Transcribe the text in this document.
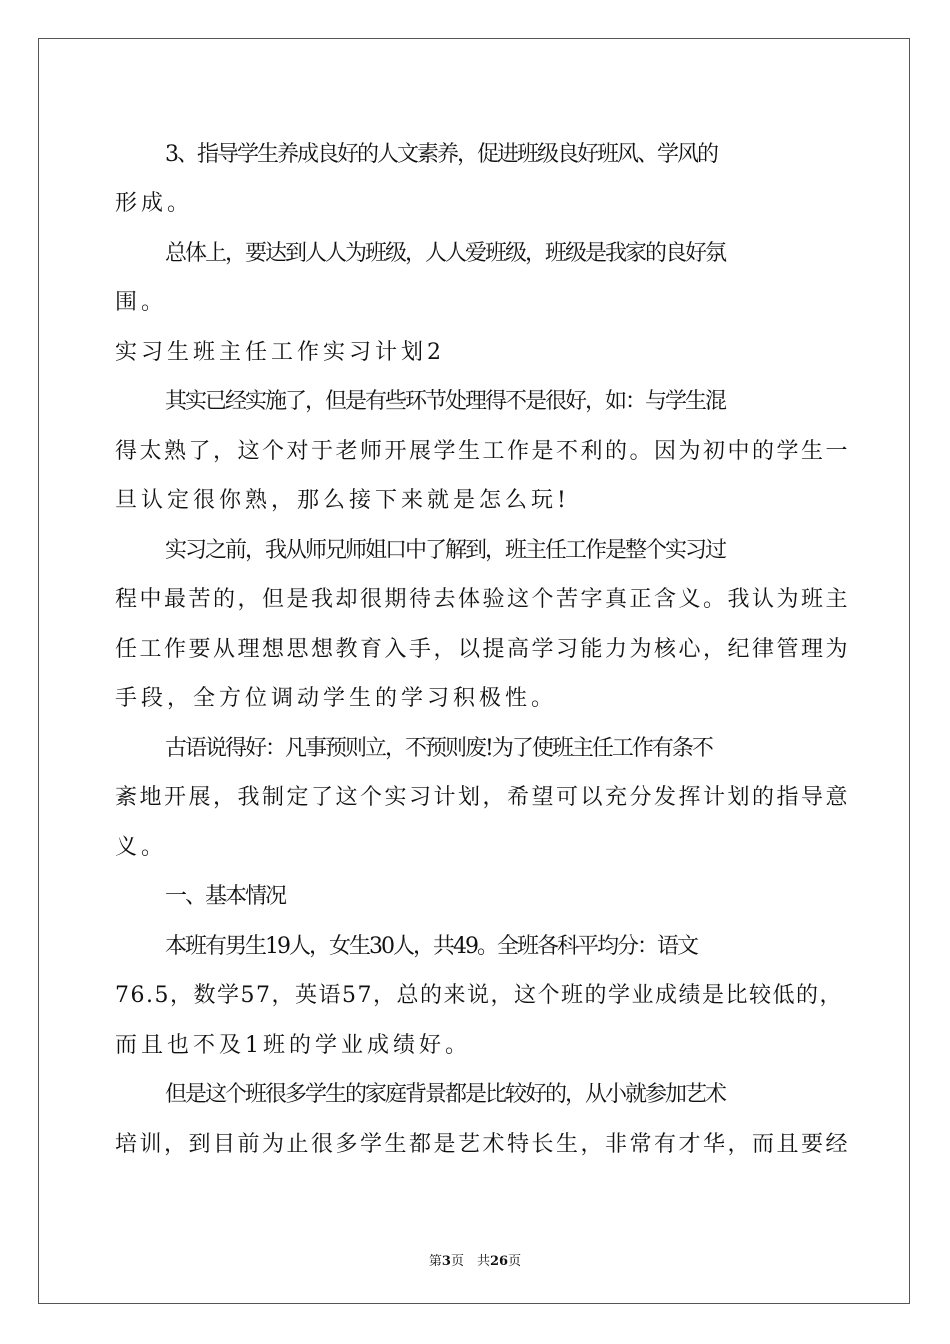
3、指导学生养成良好的人文素养，促进班级良好班风、学风的
形成。
总体上，要达到人人为班级，人人爱班级，班级是我家的良好氛
围。
实习生班主任工作实习计划2
其实已经实施了，但是有些环节处理得不是很好，如：与学生混
得太熟了，这个对于老师开展学生工作是不利的。因为初中的学生一
旦认定很你熟，那么接下来就是怎么玩!
实习之前，我从师兄师姐口中了解到，班主任工作是整个实习过
程中最苦的，但是我却很期待去体验这个苦字真正含义。我认为班主
任工作要从理想思想教育入手，以提高学习能力为核心，纪律管理为
手段，全方位调动学生的学习积极性。
古语说得好：凡事预则立，不预则废!为了使班主任工作有条不
紊地开展，我制定了这个实习计划，希望可以充分发挥计划的指导意
义。
一、基本情况
本班有男生19人，女生30人，共49。全班各科平均分：语文
76.5，数学57，英语57，总的来说，这个班的学业成绩是比较低的，
而且也不及1班的学业成绩好。
但是这个班很多学生的家庭背景都是比较好的，从小就参加艺术
培训，到目前为止很多学生都是艺术特长生，非常有才华，而且要经
第3页　共26页
